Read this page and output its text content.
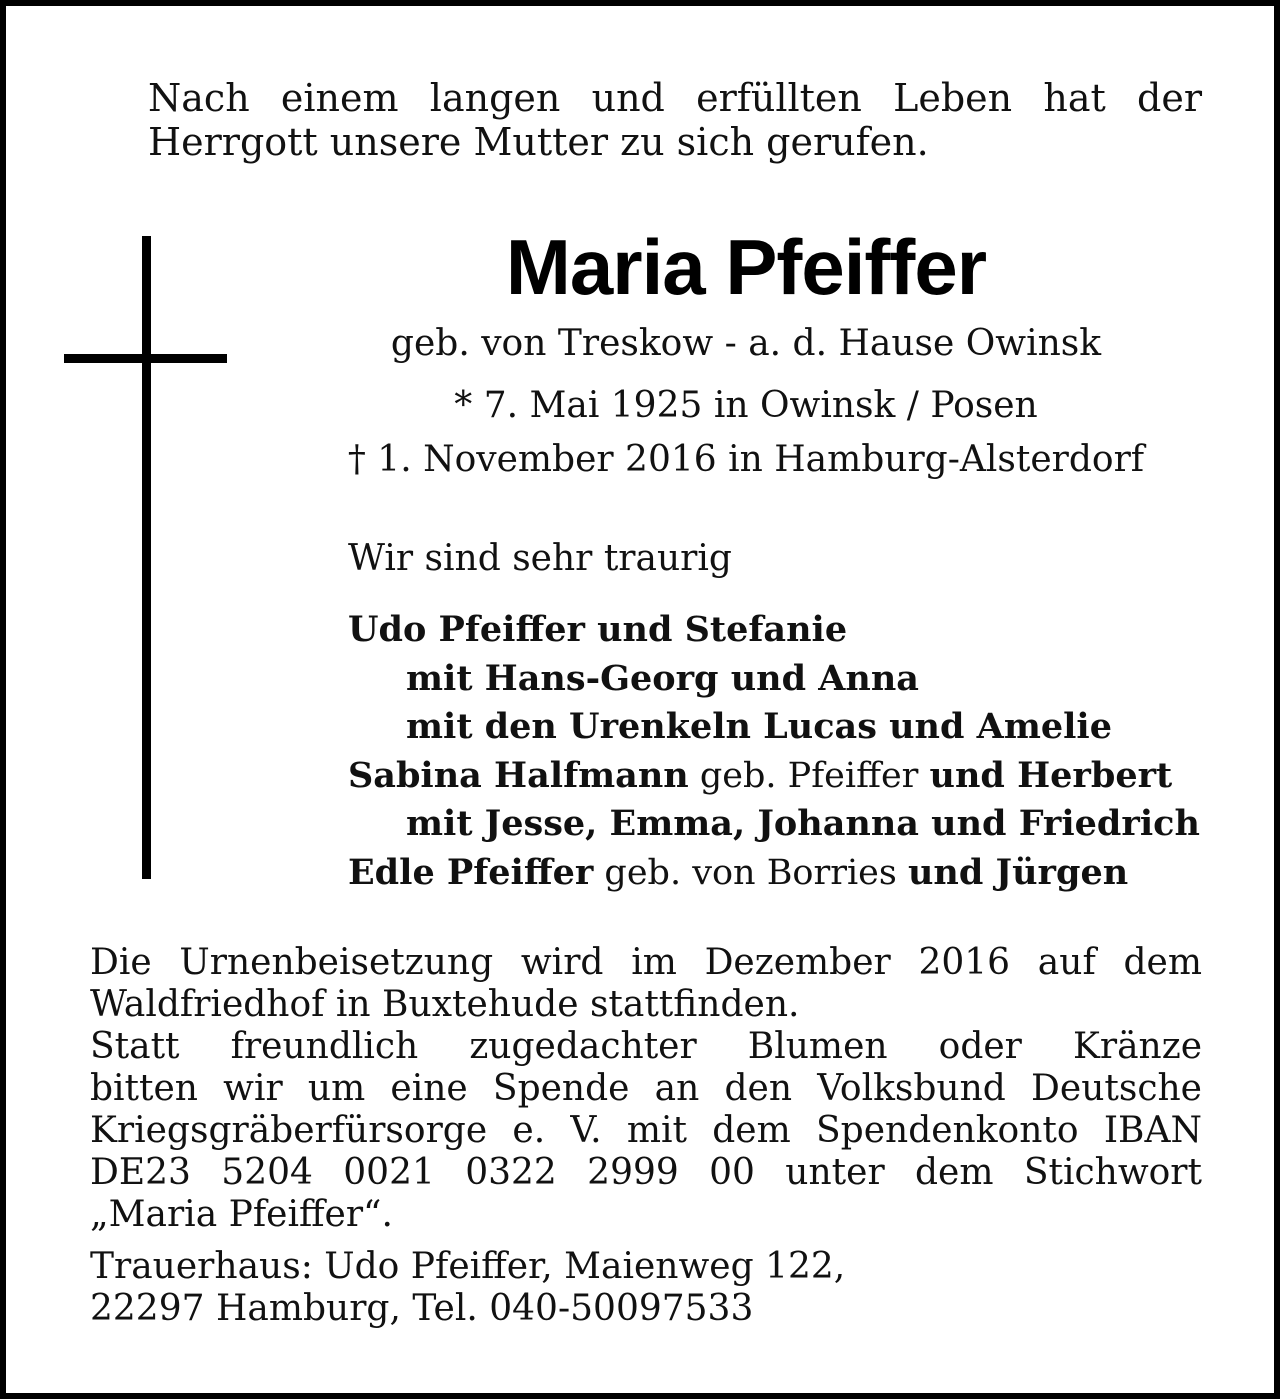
Nach einem langen und erfüllten Leben hat der
Herrgott unsere Mutter zu sich gerufen.
Maria Pfeiffer
geb. von Treskow - a. d. Hause Owinsk
* 7. Mai 1925 in Owinsk / Posen
† 1. November 2016 in Hamburg-Alsterdorf
Wir sind sehr traurig
Udo Pfeiffer und Stefanie
mit Hans-Georg und Anna
mit den Urenkeln Lucas und Amelie
Sabina Halfmann geb. Pfeiffer und Herbert
mit Jesse, Emma, Johanna und Friedrich
Edle Pfeiffer geb. von Borries und Jürgen
Die Urnenbeisetzung wird im Dezember 2016 auf dem
Waldfriedhof in Buxtehude stattfinden.
Statt freundlich zugedachter Blumen oder Kränze
bitten wir um eine Spende an den Volksbund Deutsche
Kriegsgräberfürsorge e. V. mit dem Spendenkonto IBAN
DE23 5204 0021 0322 2999 00 unter dem Stichwort
„Maria Pfeiffer“.
Trauerhaus: Udo Pfeiffer, Maienweg 122,
22297 Hamburg, Tel. 040-50097533
